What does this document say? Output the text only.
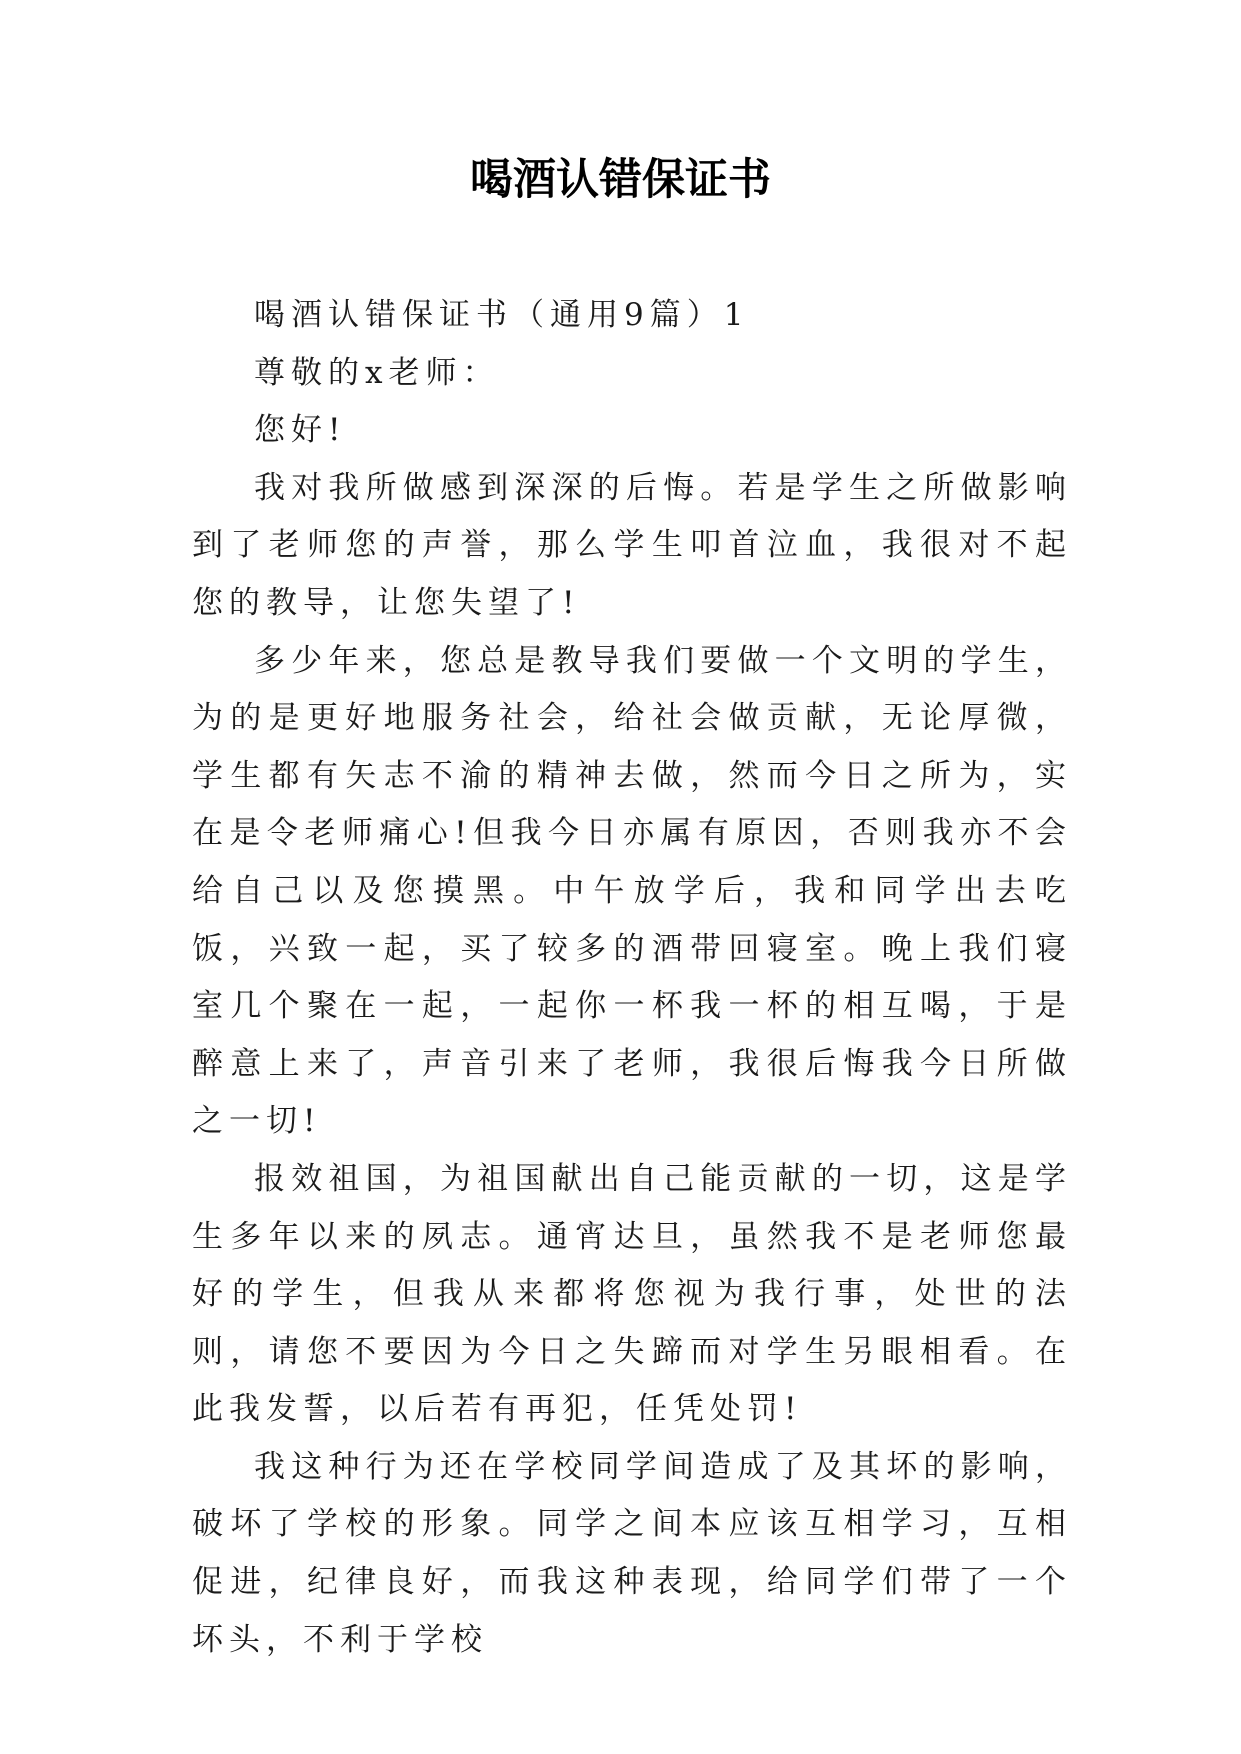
喝酒认错保证书

喝酒认错保证书（通用9篇）1

尊敬的x老师：

您好!

我对我所做感到深深的后悔。若是学生之所做影响到了老师您的声誉，那么学生叩首泣血，我很对不起您的教导，让您失望了!

多少年来，您总是教导我们要做一个文明的学生，为的是更好地服务社会，给社会做贡献，无论厚微，学生都有矢志不渝的精神去做，然而今日之所为，实在是令老师痛心!但我今日亦属有原因，否则我亦不会给自己以及您摸黑。中午放学后，我和同学出去吃饭，兴致一起，买了较多的酒带回寝室。晚上我们寝室几个聚在一起，一起你一杯我一杯的相互喝，于是醉意上来了，声音引来了老师，我很后悔我今日所做之一切!

报效祖国，为祖国献出自己能贡献的一切，这是学生多年以来的夙志。通宵达旦，虽然我不是老师您最好的学生，但我从来都将您视为我行事，处世的法则，请您不要因为今日之失蹄而对学生另眼相看。在此我发誓，以后若有再犯，任凭处罚!

我这种行为还在学校同学间造成了及其坏的影响，破坏了学校的形象。同学之间本应该互相学习，互相促进，纪律良好，而我这种表现，给同学们带了一个坏头，不利于学校
